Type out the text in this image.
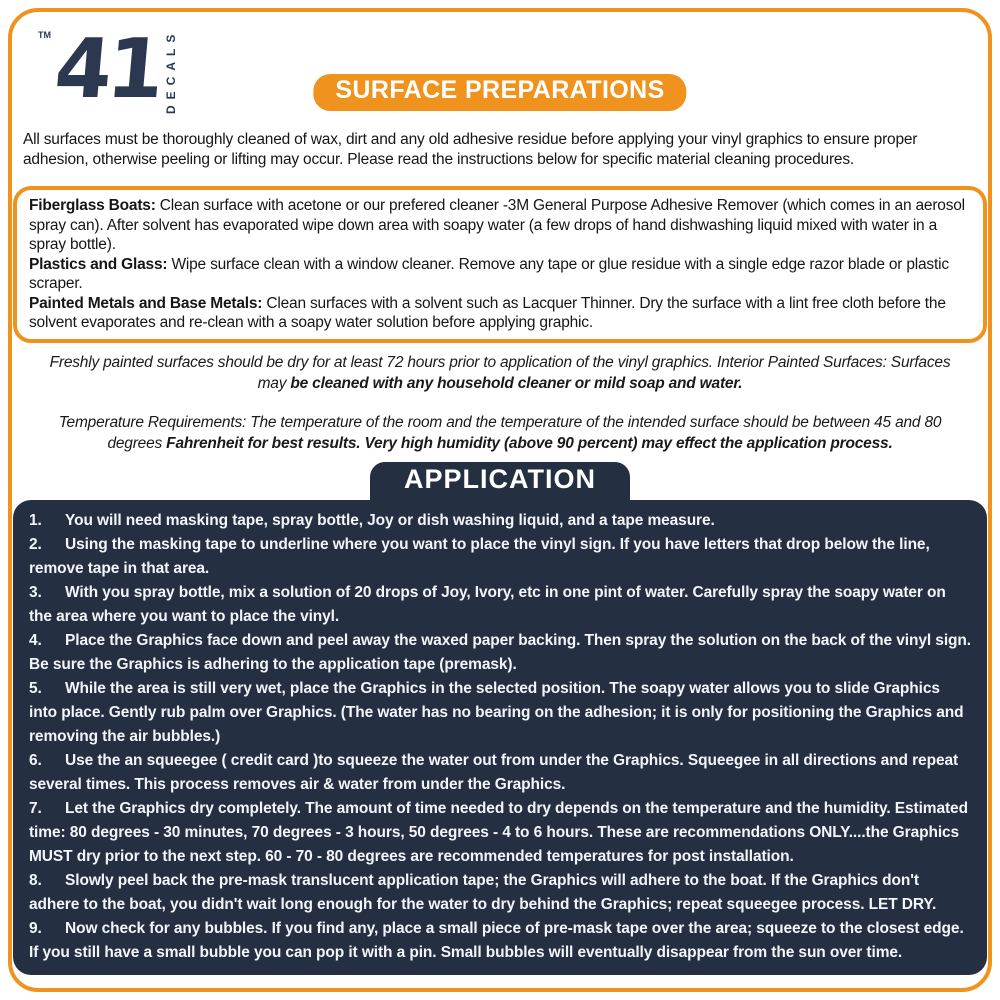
TM 41 DECALS	SURFACE PREPARATIONS

All surfaces must be thoroughly cleaned of wax, dirt and any old adhesive residue before applying your vinyl graphics to ensure proper adhesion, otherwise peeling or lifting may occur. Please read the instructions below for specific material cleaning procedures.

Fiberglass Boats: Clean surface with acetone or our prefered cleaner -3M General Purpose Adhesive Remover (which comes in an aerosol spray can). After solvent has evaporated wipe down area with soapy water (a few drops of hand dishwashing liquid mixed with water in a spray bottle).

Plastics and Glass: Wipe surface clean with a window cleaner. Remove any tape or glue residue with a single edge razor blade or plastic scraper.

Painted Metals and Base Metals: Clean surfaces with a solvent such as Lacquer Thinner. Dry the surface with a lint free cloth before the solvent evaporates and re-clean with a soapy water solution before applying graphic.

Freshly painted surfaces should be dry for at least 72 hours prior to application of the vinyl graphics. Interior Painted Surfaces: Surfaces may be cleaned with any household cleaner or mild soap and water.

Temperature Requirements: The temperature of the room and the temperature of the intended surface should be between 45 and 80 degrees Fahrenheit for best results. Very high humidity (above 90 percent) may effect the application process.

APPLICATION
1. You will need masking tape, spray bottle, Joy or dish washing liquid, and a tape measure.
2. Using the masking tape to underline where you want to place the vinyl sign. If you have letters that drop below the line, remove tape in that area.
3. With you spray bottle, mix a solution of 20 drops of Joy, Ivory, etc in one pint of water. Carefully spray the soapy water on the area where you want to place the vinyl.
4. Place the Graphics face down and peel away the waxed paper backing. Then spray the solution on the back of the vinyl sign. Be sure the Graphics is adhering to the application tape (premask).
5. While the area is still very wet, place the Graphics in the selected position. The soapy water allows you to slide Graphics into place. Gently rub palm over Graphics. (The water has no bearing on the adhesion; it is only for positioning the Graphics and removing the air bubbles.)
6. Use the an squeegee ( credit card )to squeeze the water out from under the Graphics. Squeegee in all directions and repeat several times. This process removes air & water from under the Graphics.
7. Let the Graphics dry completely. The amount of time needed to dry depends on the temperature and the humidity. Estimated time: 80 degrees - 30 minutes, 70 degrees - 3 hours, 50 degrees - 4 to 6 hours. These are recommendations ONLY....the Graphics MUST dry prior to the next step. 60 - 70 - 80 degrees are recommended temperatures for post installation.
8. Slowly peel back the pre-mask translucent application tape; the Graphics will adhere to the boat. If the Graphics don't adhere to the boat, you didn't wait long enough for the water to dry behind the Graphics; repeat squeegee process. LET DRY.
9. Now check for any bubbles. If you find any, place a small piece of pre-mask tape over the area; squeeze to the closest edge. If you still have a small bubble you can pop it with a pin. Small bubbles will eventually disappear from the sun over time.
